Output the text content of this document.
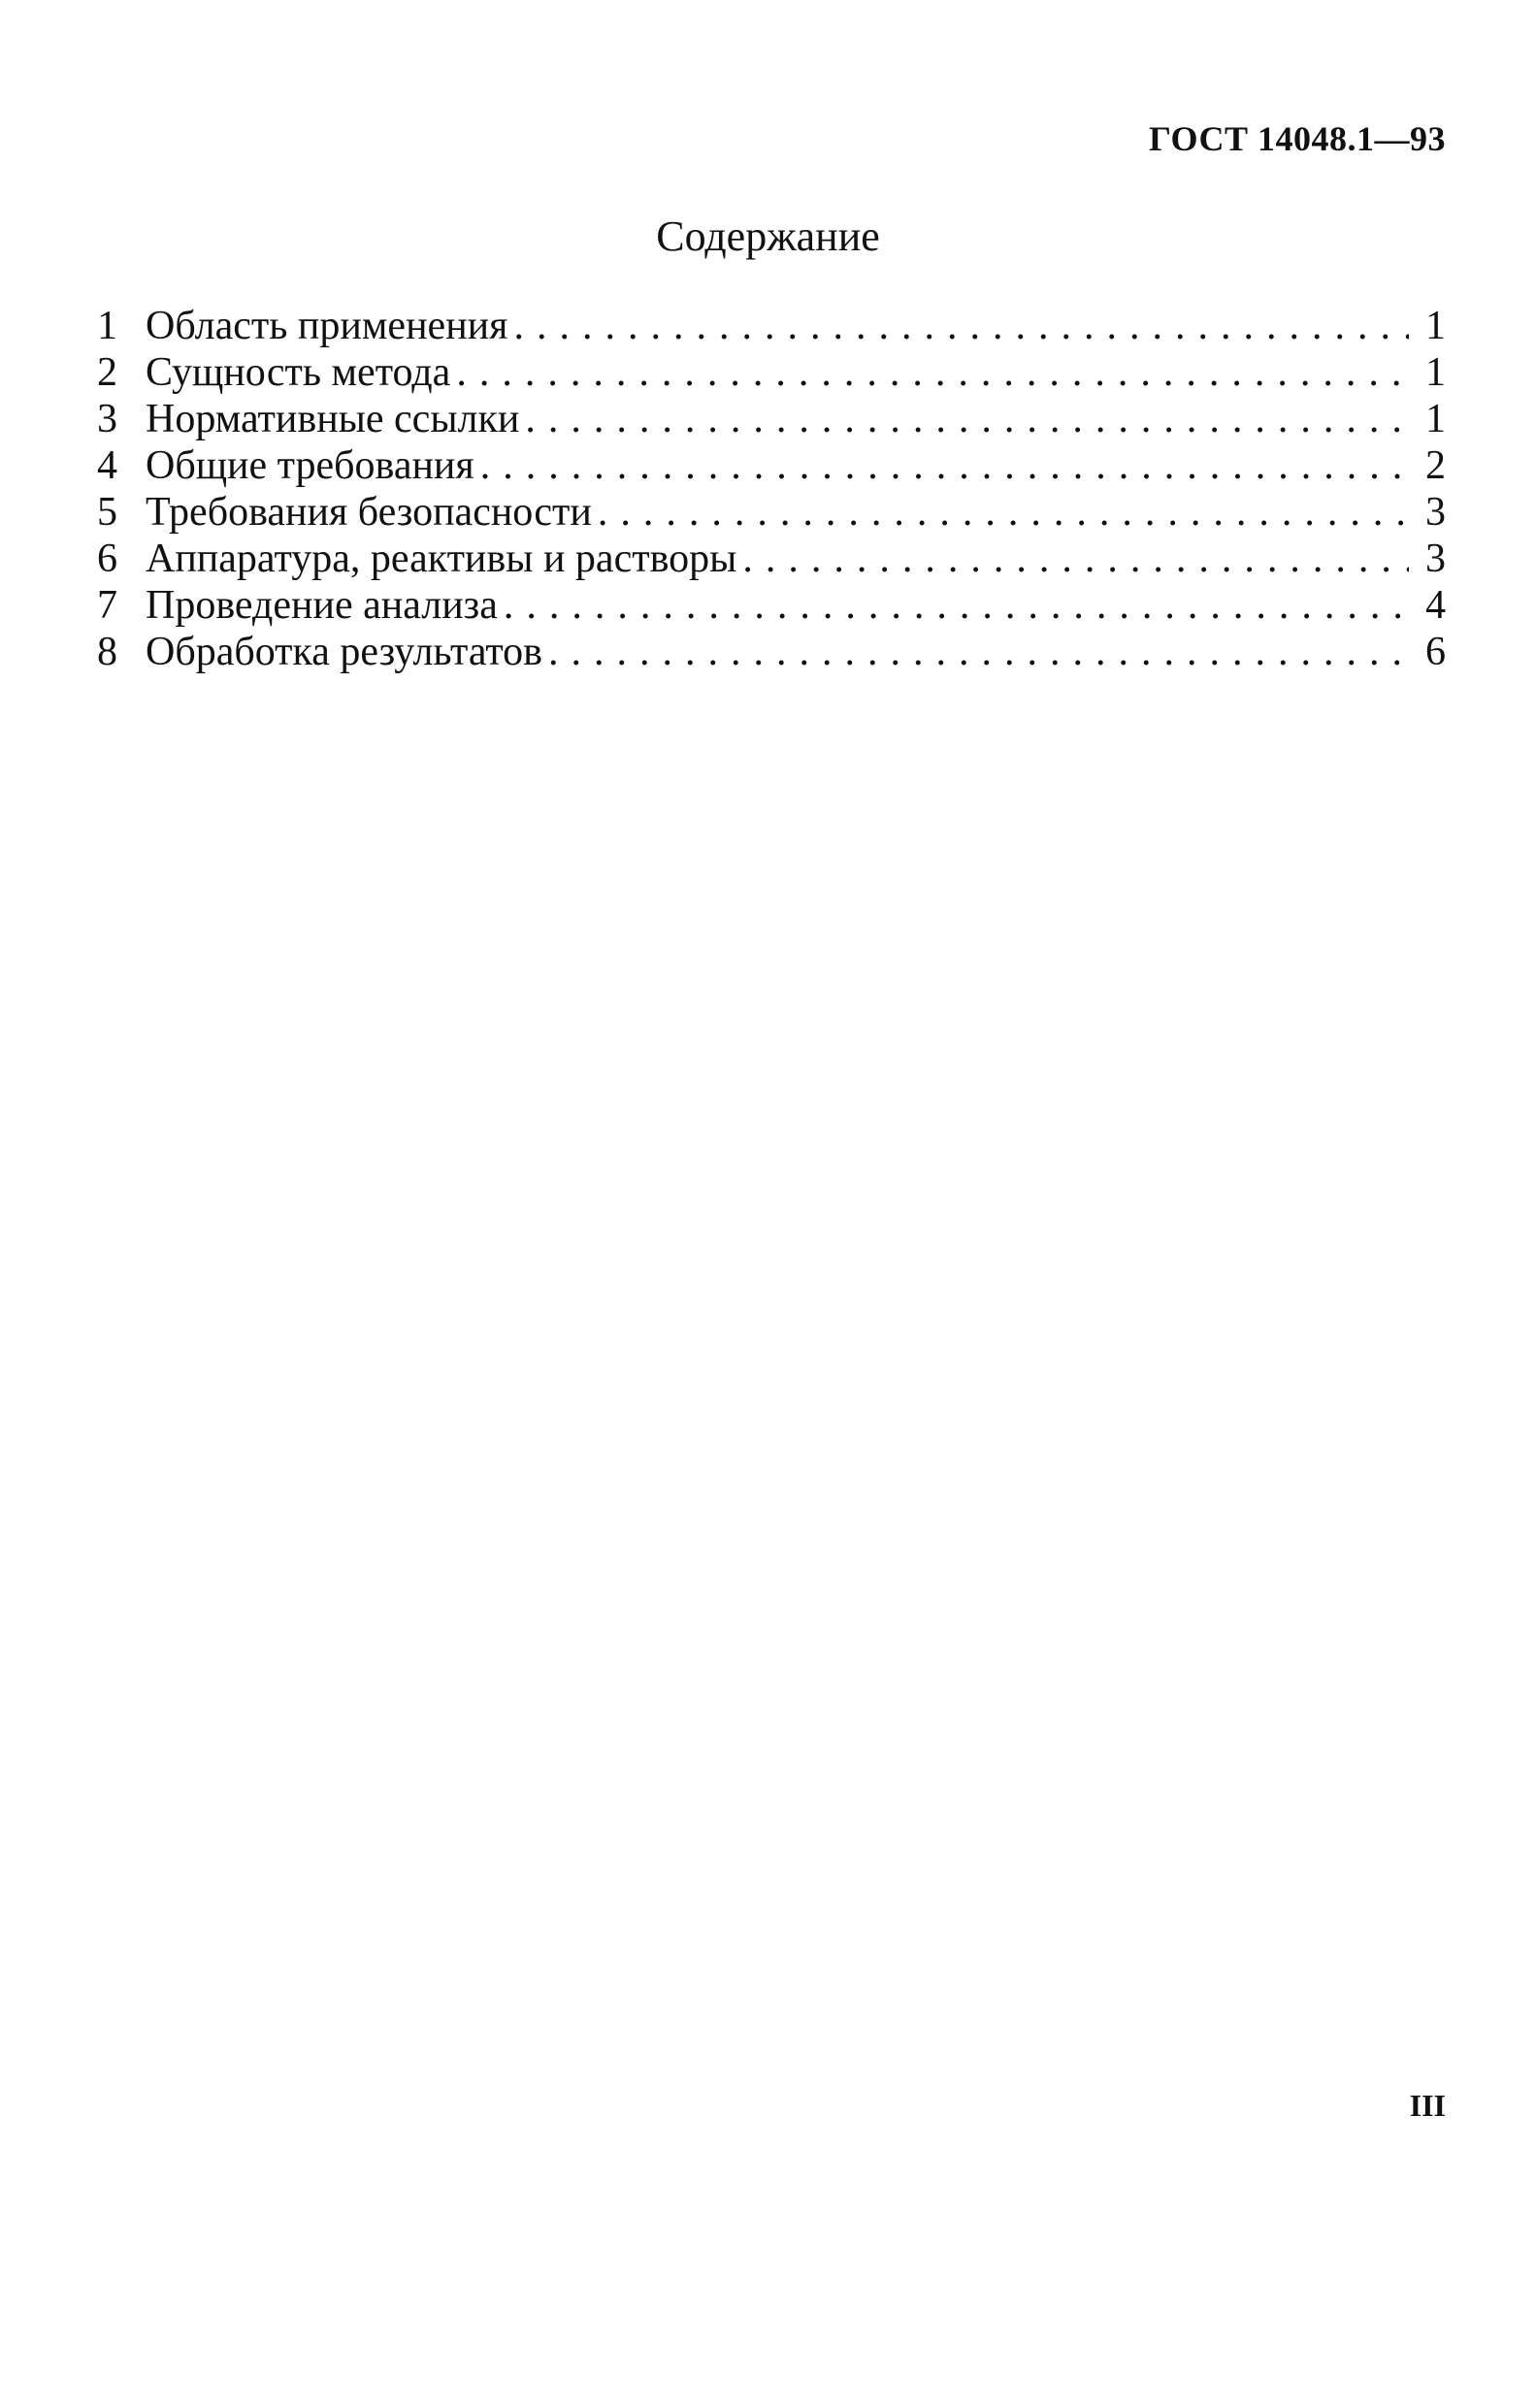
ГОСТ 14048.1—93
Содержание
1 Область применения .....	1
2 Сущность метода .....	1
3 Нормативные ссылки .....	1
4 Общие требования .....	2
5 Требования безопасности .....	3
6 Аппаратура, реактивы и растворы .....	3
7 Проведение анализа .....	4
8 Обработка результатов .....	6
III
